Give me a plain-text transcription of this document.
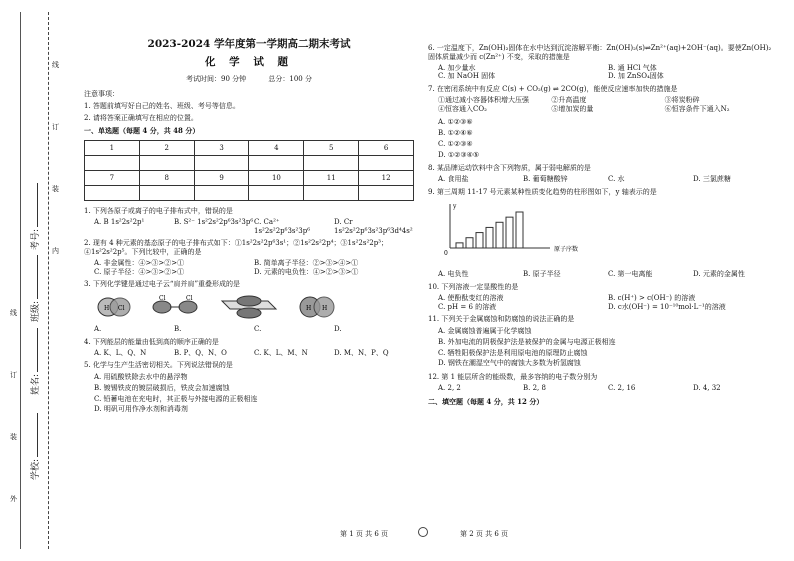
学校:
姓名:
班级:
考号:
线
订
装
内
线
订
装
外
2023-2024 学年度第一学期高二期末考试
化 学 试 题
考试时间：90 分钟	总分：100 分
注意事项：
1. 答题前填写好自己的姓名、班级、考号等信息。
2. 请将答案正确填写在相应的位置。
一、单选题（每题 4 分，共 48 分）
1	2	3	4	5	6

7	8	9	10	11	12

1. 下列各原子或离子的电子排布式中，错误的是
A. B 1s²2s²2p¹	B. S²⁻ 1s²2s²2p⁶3s²3p⁶ C. Ca²⁺ 1s²2s²2p⁶3s²3p⁶
D. Cr 1s²2s²2p⁶3s²3p⁶3d⁴4s²
2. 现有 4 种元素的基态原子的电子排布式如下：①1s²2s²2p⁶3s¹；②1s²2s²2p⁴；③1s²2s²2p³；④1s²2s²2p⁵。下列比较中，正确的是
A. 非金属性：④>③>②>①	B. 简单离子半径：②>③>④>①
C. 原子半径：④>③>②>①	D. 元素的电负性：④>②>③>①
3. 下列化学键是通过电子云“肩并肩”重叠形成的是
H Cl
Cl	Cl
H H
A.	B.	C.	D.
4. 下列能层的能量由低到高的顺序正确的是
A. K、L、Q、N	B. P、Q、N、O	C. K、L、M、N	D. M、N、P、Q
5. 化学与生产生活密切相关。下列说法错误的是
A. 用硫酸铁除去水中的悬浮物
B. 镀锡铁皮的镀层破损后，铁皮会加速腐蚀
C. 铅蓄电池在充电时，其正极与外接电源的正极相连
D. 明矾可用作净水剂和消毒剂
6. 一定温度下，Zn(OH)₂固体在水中达到沉淀溶解平衡：Zn(OH)₂(s)⇌Zn²⁺(aq)+2OH⁻(aq)。要使Zn(OH)₂固体质量减少而 c(Zn²⁺) 不变，采取的措施是
A. 加少量水	B. 通 HCl 气体
C. 加 NaOH 固体	D. 加 ZnSO₄固体
7. 在密闭系统中有反应 C(s) + CO₂(g) ⇌ 2CO(g)，能使反应速率加快的措施是
①通过减小容器体积增大压强	②升高温度	③将炭粉碎
④恒容通入CO₂	⑤增加炭的量	⑥恒容条件下通入N₂
A. ①②③⑥
B. ①②④⑥
C. ①②③④
D. ①②③④⑤
8. 某品牌运动饮料中含下列物质，属于弱电解质的是
A. 食用盐	B. 葡萄糖酸锌	C. 水	D. 三氯蔗糖
9. 第三周期 11-17 号元素某种性质变化趋势的柱形图如下，y 轴表示的是
y
0
原子序数
A. 电负性	B. 原子半径	C. 第一电离能	D. 元素的金属性
10. 下列溶液一定显酸性的是
A. 使酚酞变红的溶液	B. c(H⁺) > c(OH⁻) 的溶液
C. pH = 6 的溶液	D. c水(OH⁻) = 10⁻¹⁰mol·L⁻¹的溶液
11. 下列关于金属腐蚀和防腐蚀的说法正确的是
A. 金属腐蚀普遍属于化学腐蚀
B. 外加电流的阴极保护法是被保护的金属与电源正极相连
C. 牺牲阳极保护法是利用原电池的原理防止腐蚀
D. 钢铁在潮湿空气中的腐蚀大多数为析氢腐蚀
12. 第 1 能层所含的能级数，最多容纳的电子数分别为
A. 2, 2	B. 2, 8	C. 2, 16	D. 4, 32
二、填空题（每题 4 分，共 12 分）
第 1 页 共 6 页	第 2 页 共 6 页
